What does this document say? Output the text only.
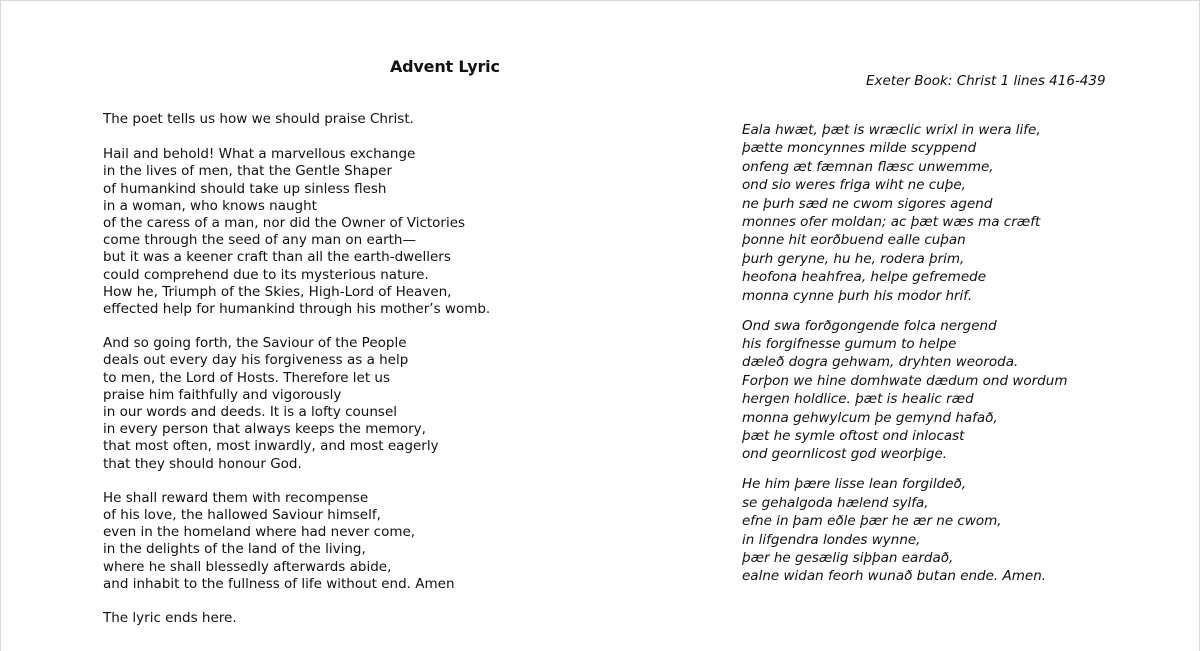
Advent Lyric
Exeter Book: Christ 1 lines 416-439

The poet tells us how we should praise Christ.

Hail and behold! What a marvellous exchange
in the lives of men, that the Gentle Shaper
of humankind should take up sinless flesh
in a woman, who knows naught
of the caress of a man, nor did the Owner of Victories
come through the seed of any man on earth—
but it was a keener craft than all the earth-dwellers
could comprehend due to its mysterious nature.
How he, Triumph of the Skies, High-Lord of Heaven,
effected help for humankind through his mother’s womb.

And so going forth, the Saviour of the People
deals out every day his forgiveness as a help
to men, the Lord of Hosts. Therefore let us
praise him faithfully and vigorously
in our words and deeds. It is a lofty counsel
in every person that always keeps the memory,
that most often, most inwardly, and most eagerly
that they should honour God.

He shall reward them with recompense
of his love, the hallowed Saviour himself,
even in the homeland where had never come,
in the delights of the land of the living,
where he shall blessedly afterwards abide,
and inhabit to the fullness of life without end. Amen

The lyric ends here.

Eala hwæt, þæt is wræclic wrixl in wera life,
þætte moncynnes milde scyppend
onfeng æt fæmnan flæsc unwemme,
ond sio weres friga wiht ne cuþe,
ne þurh sæd ne cwom sigores agend
monnes ofer moldan; ac þæt wæs ma cræft
þonne hit eorðbuend ealle cuþan
þurh geryne, hu he, rodera þrim,
heofona heahfrea, helpe gefremede
monna cynne þurh his modor hrif.

Ond swa forðgongende folca nergend
his forgifnesse gumum to helpe
dæleð dogra gehwam, dryhten weoroda.
Forþon we hine domhwate dædum ond wordum
hergen holdlice. þæt is healic ræd
monna gehwylcum þe gemynd hafað,
þæt he symle oftost ond inlocast
ond geornlicost god weorþige.

He him þære lisse lean forgildeð,
se gehalgoda hælend sylfa,
efne in þam eðle þær he ær ne cwom,
in lifgendra londes wynne,
þær he gesælig siþþan eardað,
ealne widan feorh wunað butan ende. Amen.
